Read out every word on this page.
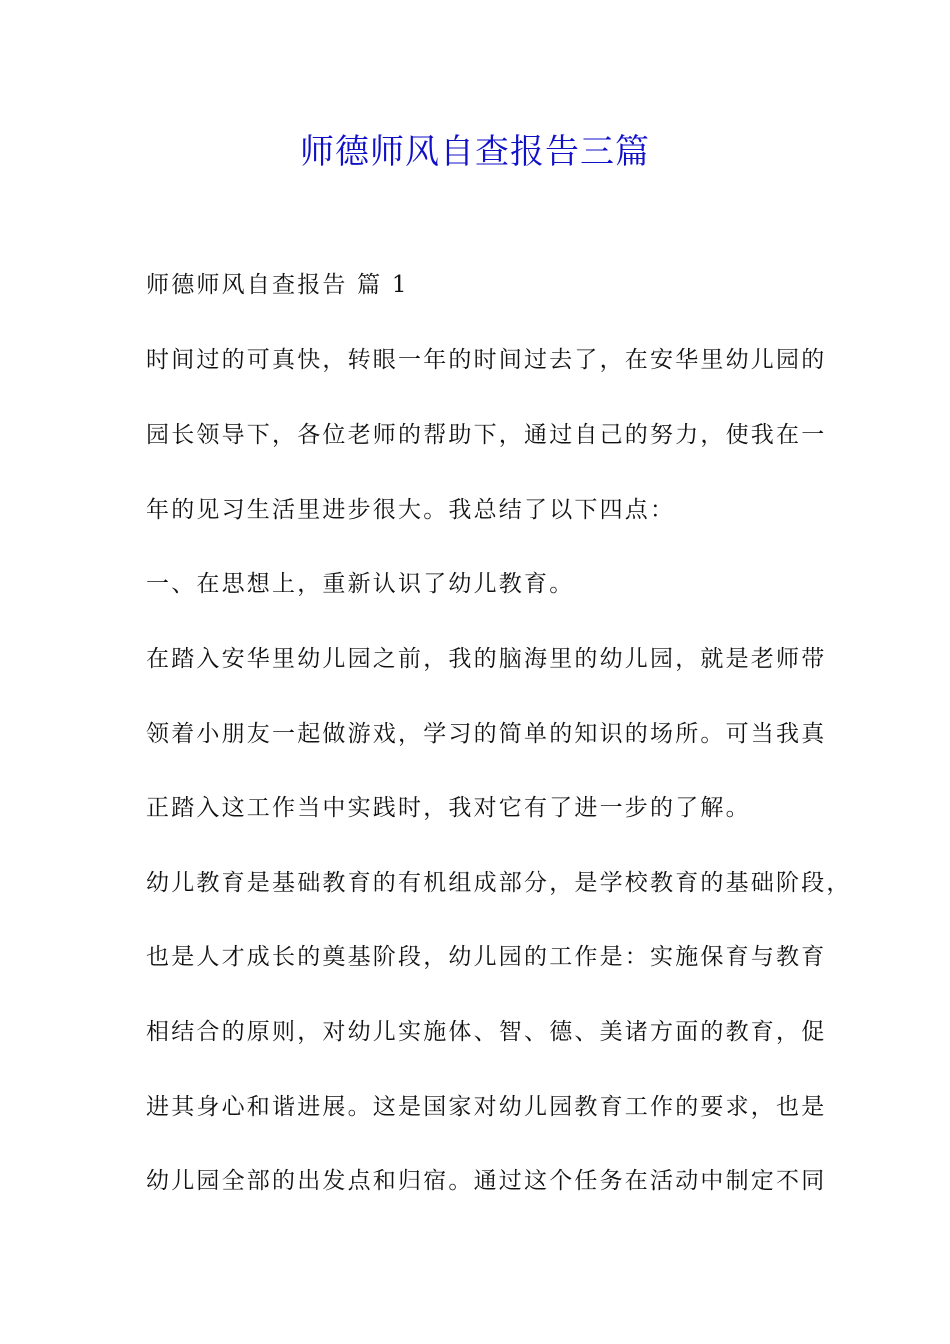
师德师风自查报告三篇

师德师风自查报告 篇 1

时间过的可真快，转眼一年的时间过去了，在安华里幼儿园的

园长领导下，各位老师的帮助下，通过自己的努力，使我在一

年的见习生活里进步很大。我总结了以下四点：

一、在思想上，重新认识了幼儿教育。

在踏入安华里幼儿园之前，我的脑海里的幼儿园，就是老师带

领着小朋友一起做游戏，学习的简单的知识的场所。可当我真

正踏入这工作当中实践时，我对它有了进一步的了解。

幼儿教育是基础教育的有机组成部分，是学校教育的基础阶段，

也是人才成长的奠基阶段，幼儿园的工作是：实施保育与教育

相结合的原则，对幼儿实施体、智、德、美诸方面的教育，促

进其身心和谐进展。这是国家对幼儿园教育工作的要求，也是

幼儿园全部的出发点和归宿。通过这个任务在活动中制定不同
